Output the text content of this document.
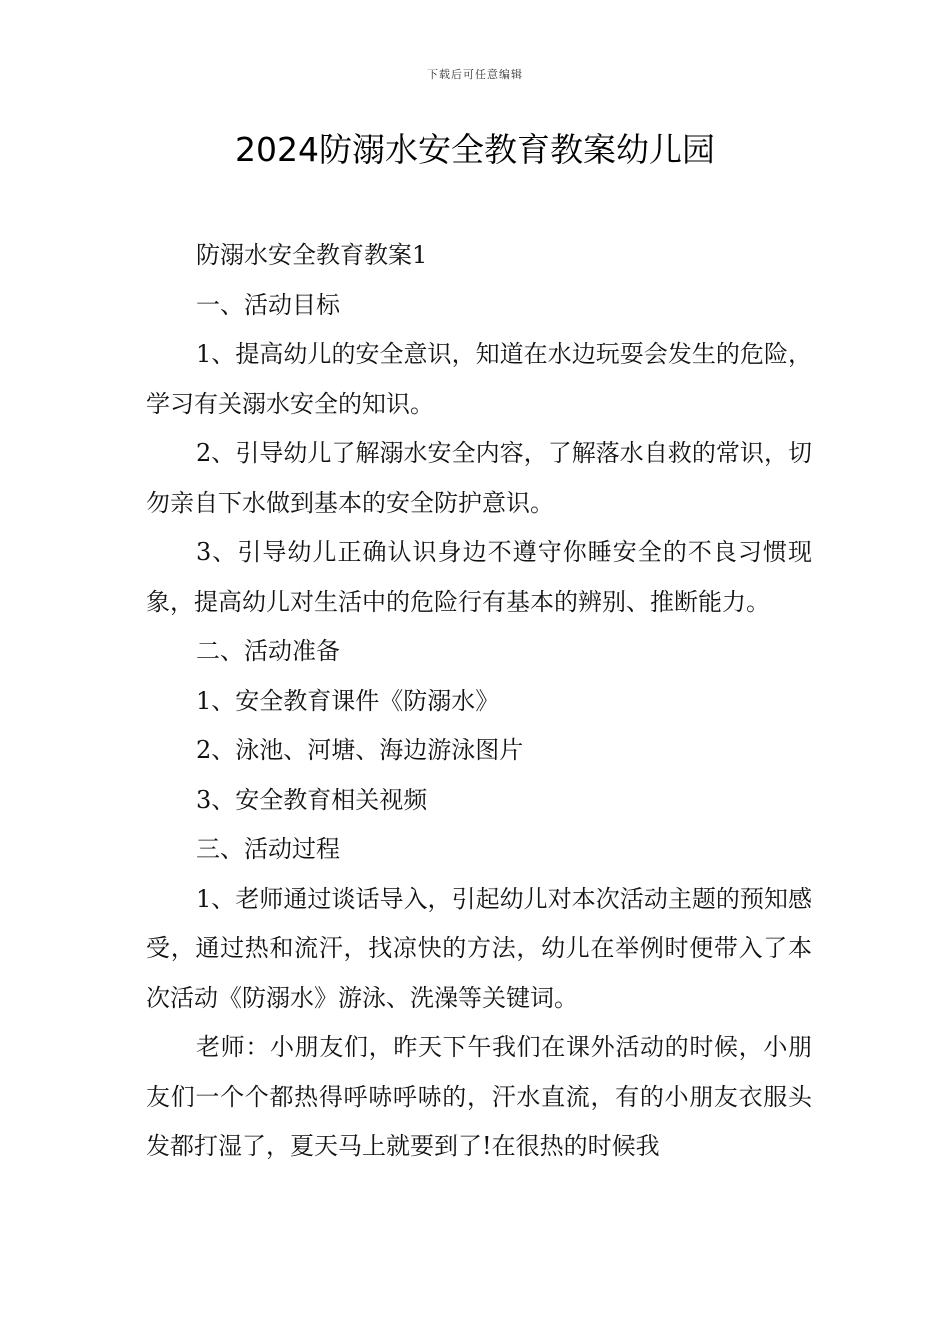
下载后可任意编辑
2024防溺水安全教育教案幼儿园

防溺水安全教育教案1

一、活动目标

1、提高幼儿的安全意识，知道在水边玩耍会发生的危险，学习有关溺水安全的知识。

2、引导幼儿了解溺水安全内容，了解落水自救的常识，切勿亲自下水做到基本的安全防护意识。

3、引导幼儿正确认识身边不遵守你睡安全的不良习惯现象，提高幼儿对生活中的危险行有基本的辨别、推断能力。

二、活动准备

1、安全教育课件《防溺水》

2、泳池、河塘、海边游泳图片

3、安全教育相关视频

三、活动过程

1、老师通过谈话导入，引起幼儿对本次活动主题的预知感受，通过热和流汗，找凉快的方法，幼儿在举例时便带入了本次活动《防溺水》游泳、洗澡等关键词。

老师：小朋友们，昨天下午我们在课外活动的时候，小朋友们一个个都热得呼哧呼哧的，汗水直流，有的小朋友衣服头发都打湿了，夏天马上就要到了!在很热的时候我
